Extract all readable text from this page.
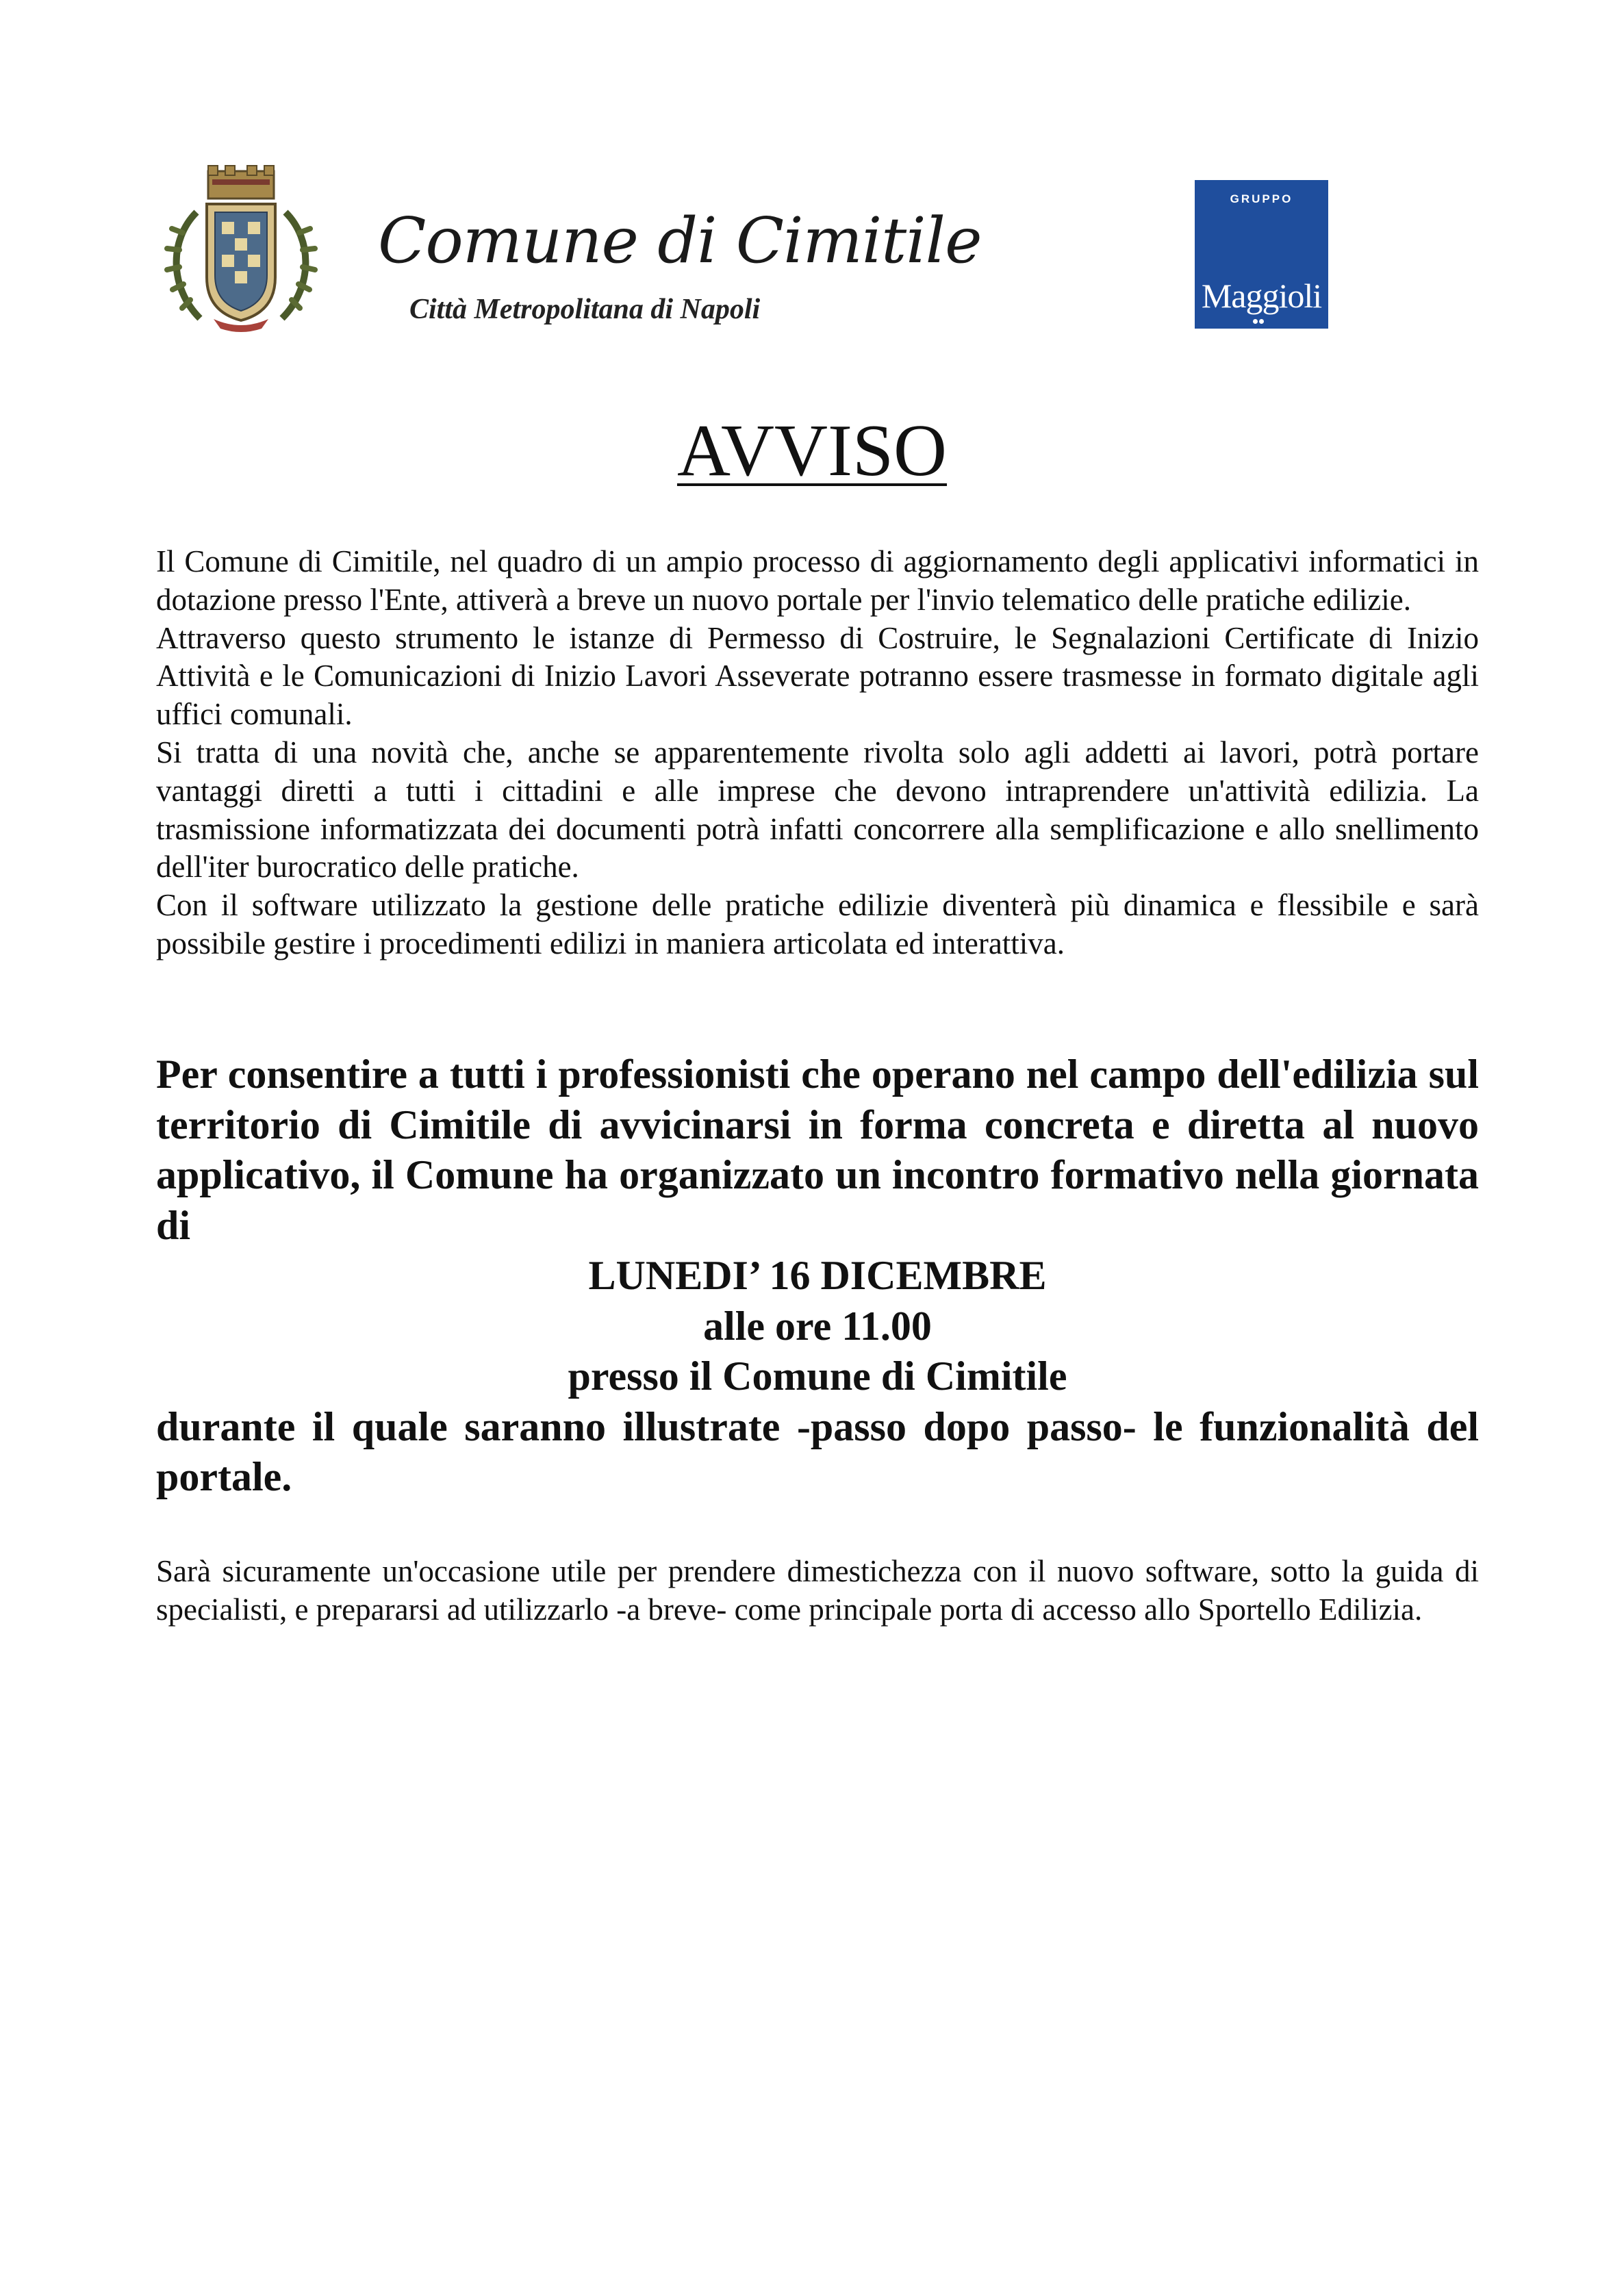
Comune di Cimitile
Città Metropolitana di Napoli
GRUPPO
Maggioli
AVVISO

Il Comune di Cimitile, nel quadro di un ampio processo di aggiornamento degli applicativi informatici in dotazione presso l'Ente, attiverà a breve un nuovo portale per l'invio telematico delle pratiche edilizie.

Attraverso questo strumento le istanze di Permesso di Costruire, le Segnalazioni Certificate di Inizio Attività e le Comunicazioni di Inizio Lavori Asseverate potranno essere trasmesse in formato digitale agli uffici comunali.

Si tratta di una novità che, anche se apparentemente rivolta solo agli addetti ai lavori, potrà portare vantaggi diretti a tutti i cittadini e alle imprese che devono intraprendere un'attività edilizia. La trasmissione informatizzata dei documenti potrà infatti concorrere alla semplificazione e allo snellimento dell'iter burocratico delle pratiche.

Con il software utilizzato la gestione delle pratiche edilizie diventerà più dinamica e flessibile e sarà possibile gestire i procedimenti edilizi in maniera articolata ed interattiva.

Per consentire a tutti i professionisti che operano nel campo dell'edilizia sul territorio di Cimitile di avvicinarsi in forma concreta e diretta al nuovo applicativo, il Comune ha organizzato un incontro formativo nella giornata di

LUNEDI’ 16 DICEMBRE

alle ore 11.00

presso il Comune di Cimitile

durante il quale saranno illustrate -passo dopo passo- le funzionalità del portale.

Sarà sicuramente un'occasione utile per prendere dimestichezza con il nuovo software, sotto la guida di specialisti, e prepararsi ad utilizzarlo -a breve- come principale porta di accesso allo Sportello Edilizia.
